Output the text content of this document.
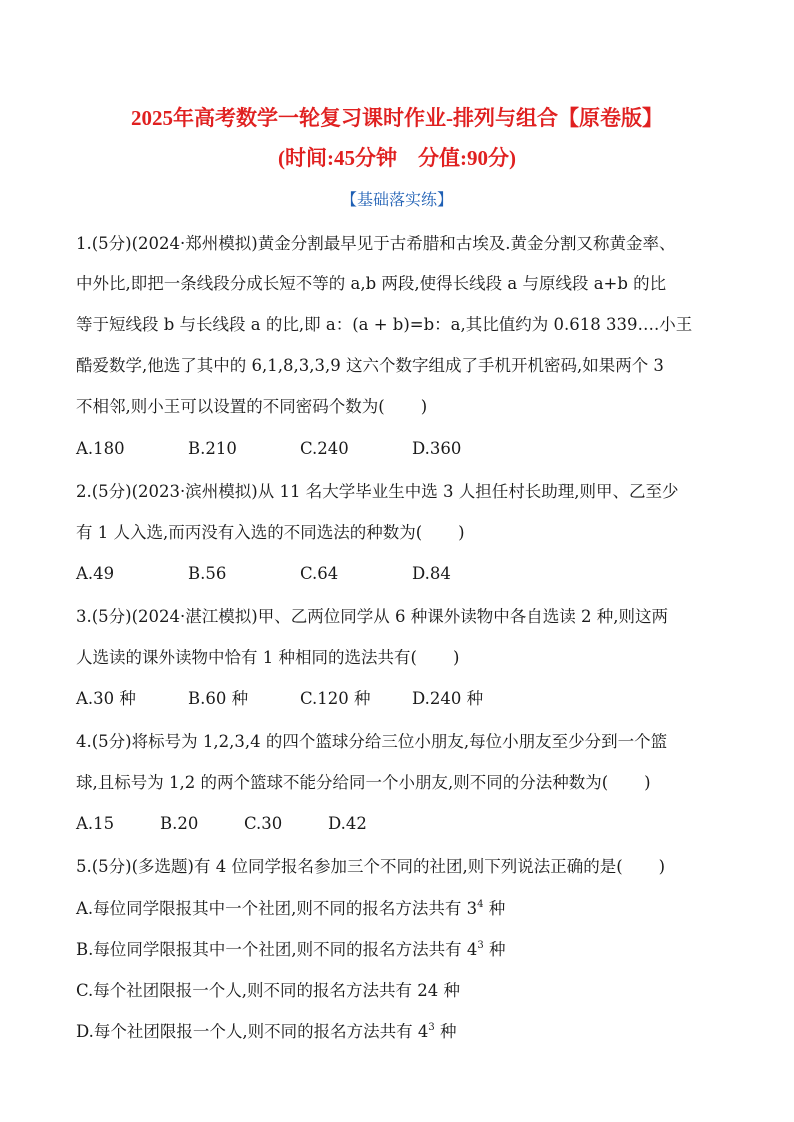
2025年高考数学一轮复习课时作业-排列与组合【原卷版】
(时间:45分钟　分值:90分)
【基础落实练】
1.(5分)(2024·郑州模拟)黄金分割最早见于古希腊和古埃及.黄金分割又称黄金率、
中外比,即把一条线段分成长短不等的 a,b 两段,使得长线段 a 与原线段 a+b 的比
等于短线段 b 与长线段 a 的比,即 a：(a + b)=b：a,其比值约为 0.618 339….小王
酷爱数学,他选了其中的 6,1,8,3,3,9 这六个数字组成了手机开机密码,如果两个 3
不相邻,则小王可以设置的不同密码个数为( )
A.180	B.210	C.240	D.360
2.(5分)(2023·滨州模拟)从 11 名大学毕业生中选 3 人担任村长助理,则甲、乙至少
有 1 人入选,而丙没有入选的不同选法的种数为( )
A.49	B.56	C.64	D.84
3.(5分)(2024·湛江模拟)甲、乙两位同学从 6 种课外读物中各自选读 2 种,则这两
人选读的课外读物中恰有 1 种相同的选法共有( )
A.30 种	B.60 种	C.120 种	D.240 种
4.(5分)将标号为 1,2,3,4 的四个篮球分给三位小朋友,每位小朋友至少分到一个篮
球,且标号为 1,2 的两个篮球不能分给同一个小朋友,则不同的分法种数为( )
A.15	B.20	C.30	D.42
5.(5分)(多选题)有 4 位同学报名参加三个不同的社团,则下列说法正确的是( )
A.每位同学限报其中一个社团,则不同的报名方法共有 $3^4$ 种
B.每位同学限报其中一个社团,则不同的报名方法共有 $4^3$ 种
C.每个社团限报一个人,则不同的报名方法共有 24 种
D.每个社团限报一个人,则不同的报名方法共有 $4^3$ 种
